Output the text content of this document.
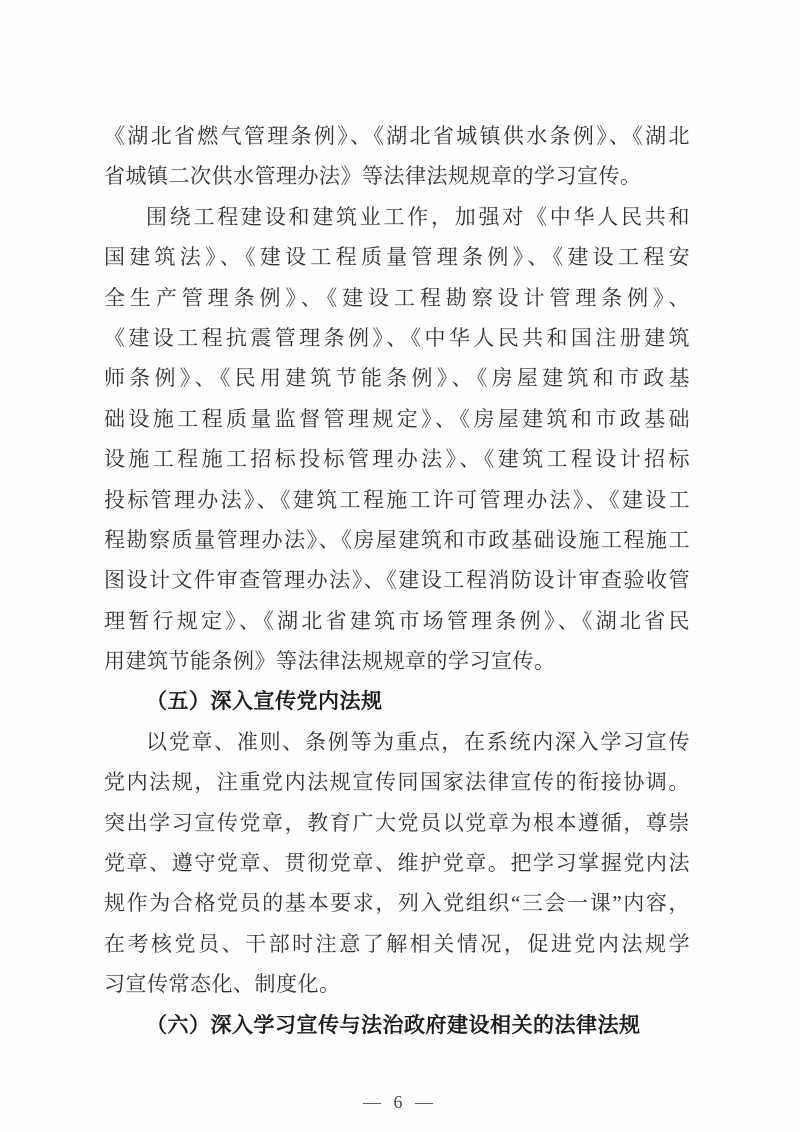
《湖北省燃气管理条例》、《湖北省城镇供水条例》、《湖北
省城镇二次供水管理办法》等法律法规规章的学习宣传。
围绕工程建设和建筑业工作，加强对《中华人民共和
国建筑法》、《建设工程质量管理条例》、《建设工程安
全生产管理条例》、《建设工程勘察设计管理条例》、
《建设工程抗震管理条例》、《中华人民共和国注册建筑
师条例》、《民用建筑节能条例》、《房屋建筑和市政基
础设施工程质量监督管理规定》、《房屋建筑和市政基础
设施工程施工招标投标管理办法》、《建筑工程设计招标
投标管理办法》、《建筑工程施工许可管理办法》、《建设工
程勘察质量管理办法》、《房屋建筑和市政基础设施工程施工
图设计文件审查管理办法》、《建设工程消防设计审查验收管
理暂行规定》、《湖北省建筑市场管理条例》、《湖北省民
用建筑节能条例》等法律法规规章的学习宣传。
（五）深入宣传党内法规
以党章、准则、条例等为重点，在系统内深入学习宣传
党内法规，注重党内法规宣传同国家法律宣传的衔接协调。
突出学习宣传党章，教育广大党员以党章为根本遵循，尊崇
党章、遵守党章、贯彻党章、维护党章。把学习掌握党内法
规作为合格党员的基本要求，列入党组织“三会一课”内容，
在考核党员、干部时注意了解相关情况，促进党内法规学
习宣传常态化、制度化。
（六）深入学习宣传与法治政府建设相关的法律法规
— 6 —
